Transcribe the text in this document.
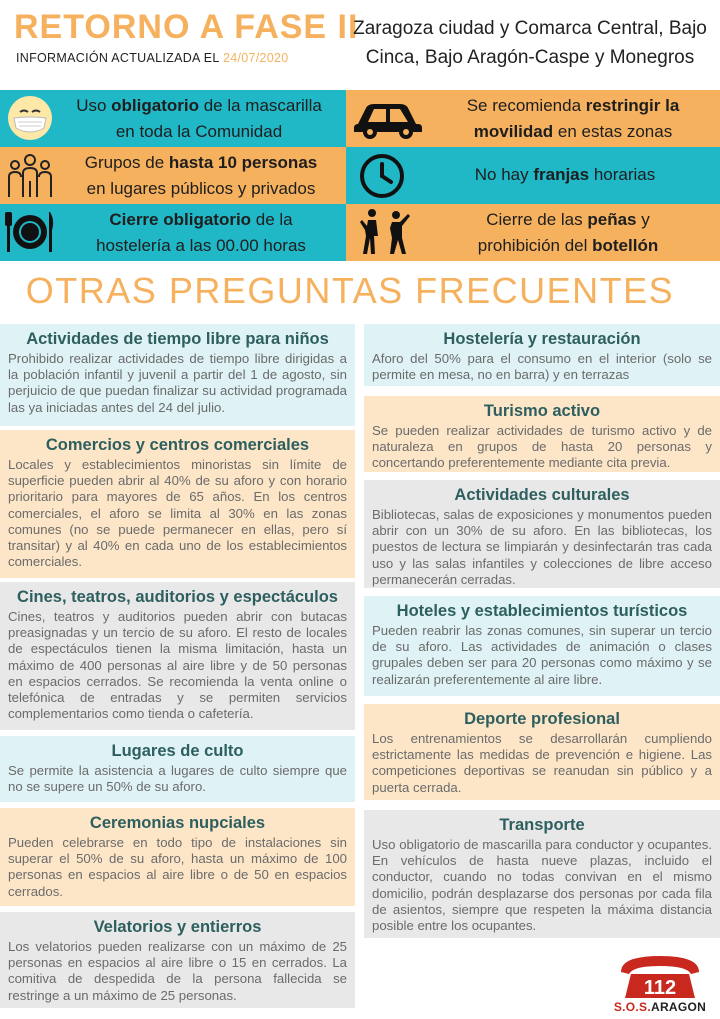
RETORNO A FASE II
INFORMACIÓN ACTUALIZADA EL 24/07/2020
Zaragoza ciudad y Comarca Central, Bajo
Cinca, Bajo Aragón-Caspe y Monegros
Uso obligatorio de la mascarilla
en toda la Comunidad
Se recomienda restringir la
movilidad en estas zonas
Grupos de hasta 10 personas
en lugares públicos y privados
No hay franjas horarias
Cierre obligatorio de la
hostelería a las 00.00 horas
Cierre de las peñas y
prohibición del botellón
OTRAS PREGUNTAS FRECUENTES
Actividades de tiempo libre para niños

Prohibido realizar actividades de tiempo libre dirigidas a la población infantil y juvenil a partir del 1 de agosto, sin perjuicio de que puedan finalizar su actividad programada las ya iniciadas antes del 24 del julio.

Comercios y centros comerciales

Locales y establecimientos minoristas sin límite de superficie pueden abrir al 40% de su aforo y con horario prioritario para mayores de 65 años. En los centros comerciales, el aforo se limita al 30% en las zonas comunes (no se puede permanecer en ellas, pero sí transitar) y al 40% en cada uno de los establecimientos comerciales.

Cines, teatros, auditorios y espectáculos

Cines, teatros y auditorios pueden abrir con butacas preasignadas y un tercio de su aforo. El resto de locales de espectáculos tienen la misma limitación, hasta un máximo de 400 personas al aire libre y de 50 personas en espacios cerrados. Se recomienda la venta online o telefónica de entradas y se permiten servicios complementarios como tienda o cafetería.

Lugares de culto

Se permite la asistencia a lugares de culto siempre que no se supere un 50% de su aforo.

Ceremonias nupciales

Pueden celebrarse en todo tipo de instalaciones sin superar el 50% de su aforo, hasta un máximo de 100 personas en espacios al aire libre o de 50 en espacios cerrados.

Velatorios y entierros

Los velatorios pueden realizarse con un máximo de 25 personas en espacios al aire libre o 15 en cerrados. La comitiva de despedida de la persona fallecida se restringe a un máximo de 25 personas.

Hostelería y restauración

Aforo del 50% para el consumo en el interior (solo se permite en mesa, no en barra) y en terrazas

Turismo activo

Se pueden realizar actividades de turismo activo y de naturaleza en grupos de hasta 20 personas y concertando preferentemente mediante cita previa.

Actividades culturales

Bibliotecas, salas de exposiciones y monumentos pueden abrir con un 30% de su aforo. En las bibliotecas, los puestos de lectura se limpiarán y desinfectarán tras cada uso y las salas infantiles y colecciones de libre acceso permanecerán cerradas.

Hoteles y establecimientos turísticos

Pueden reabrir las zonas comunes, sin superar un tercio de su aforo. Las actividades de animación o clases grupales deben ser para 20 personas como máximo y se realizarán preferentemente al aire libre.

Deporte profesional

Los entrenamientos se desarrollarán cumpliendo estrictamente las medidas de prevención e higiene. Las competiciones deportivas se reanudan sin público y a puerta cerrada.

Transporte

Uso obligatorio de mascarilla para conductor y ocupantes. En vehículos de hasta nueve plazas, incluido el conductor, cuando no todas convivan en el mismo domicilio, podrán desplazarse dos personas por cada fila de asientos, siempre que respeten la máxima distancia posible entre los ocupantes.

112
S.O.S.ARAGON
